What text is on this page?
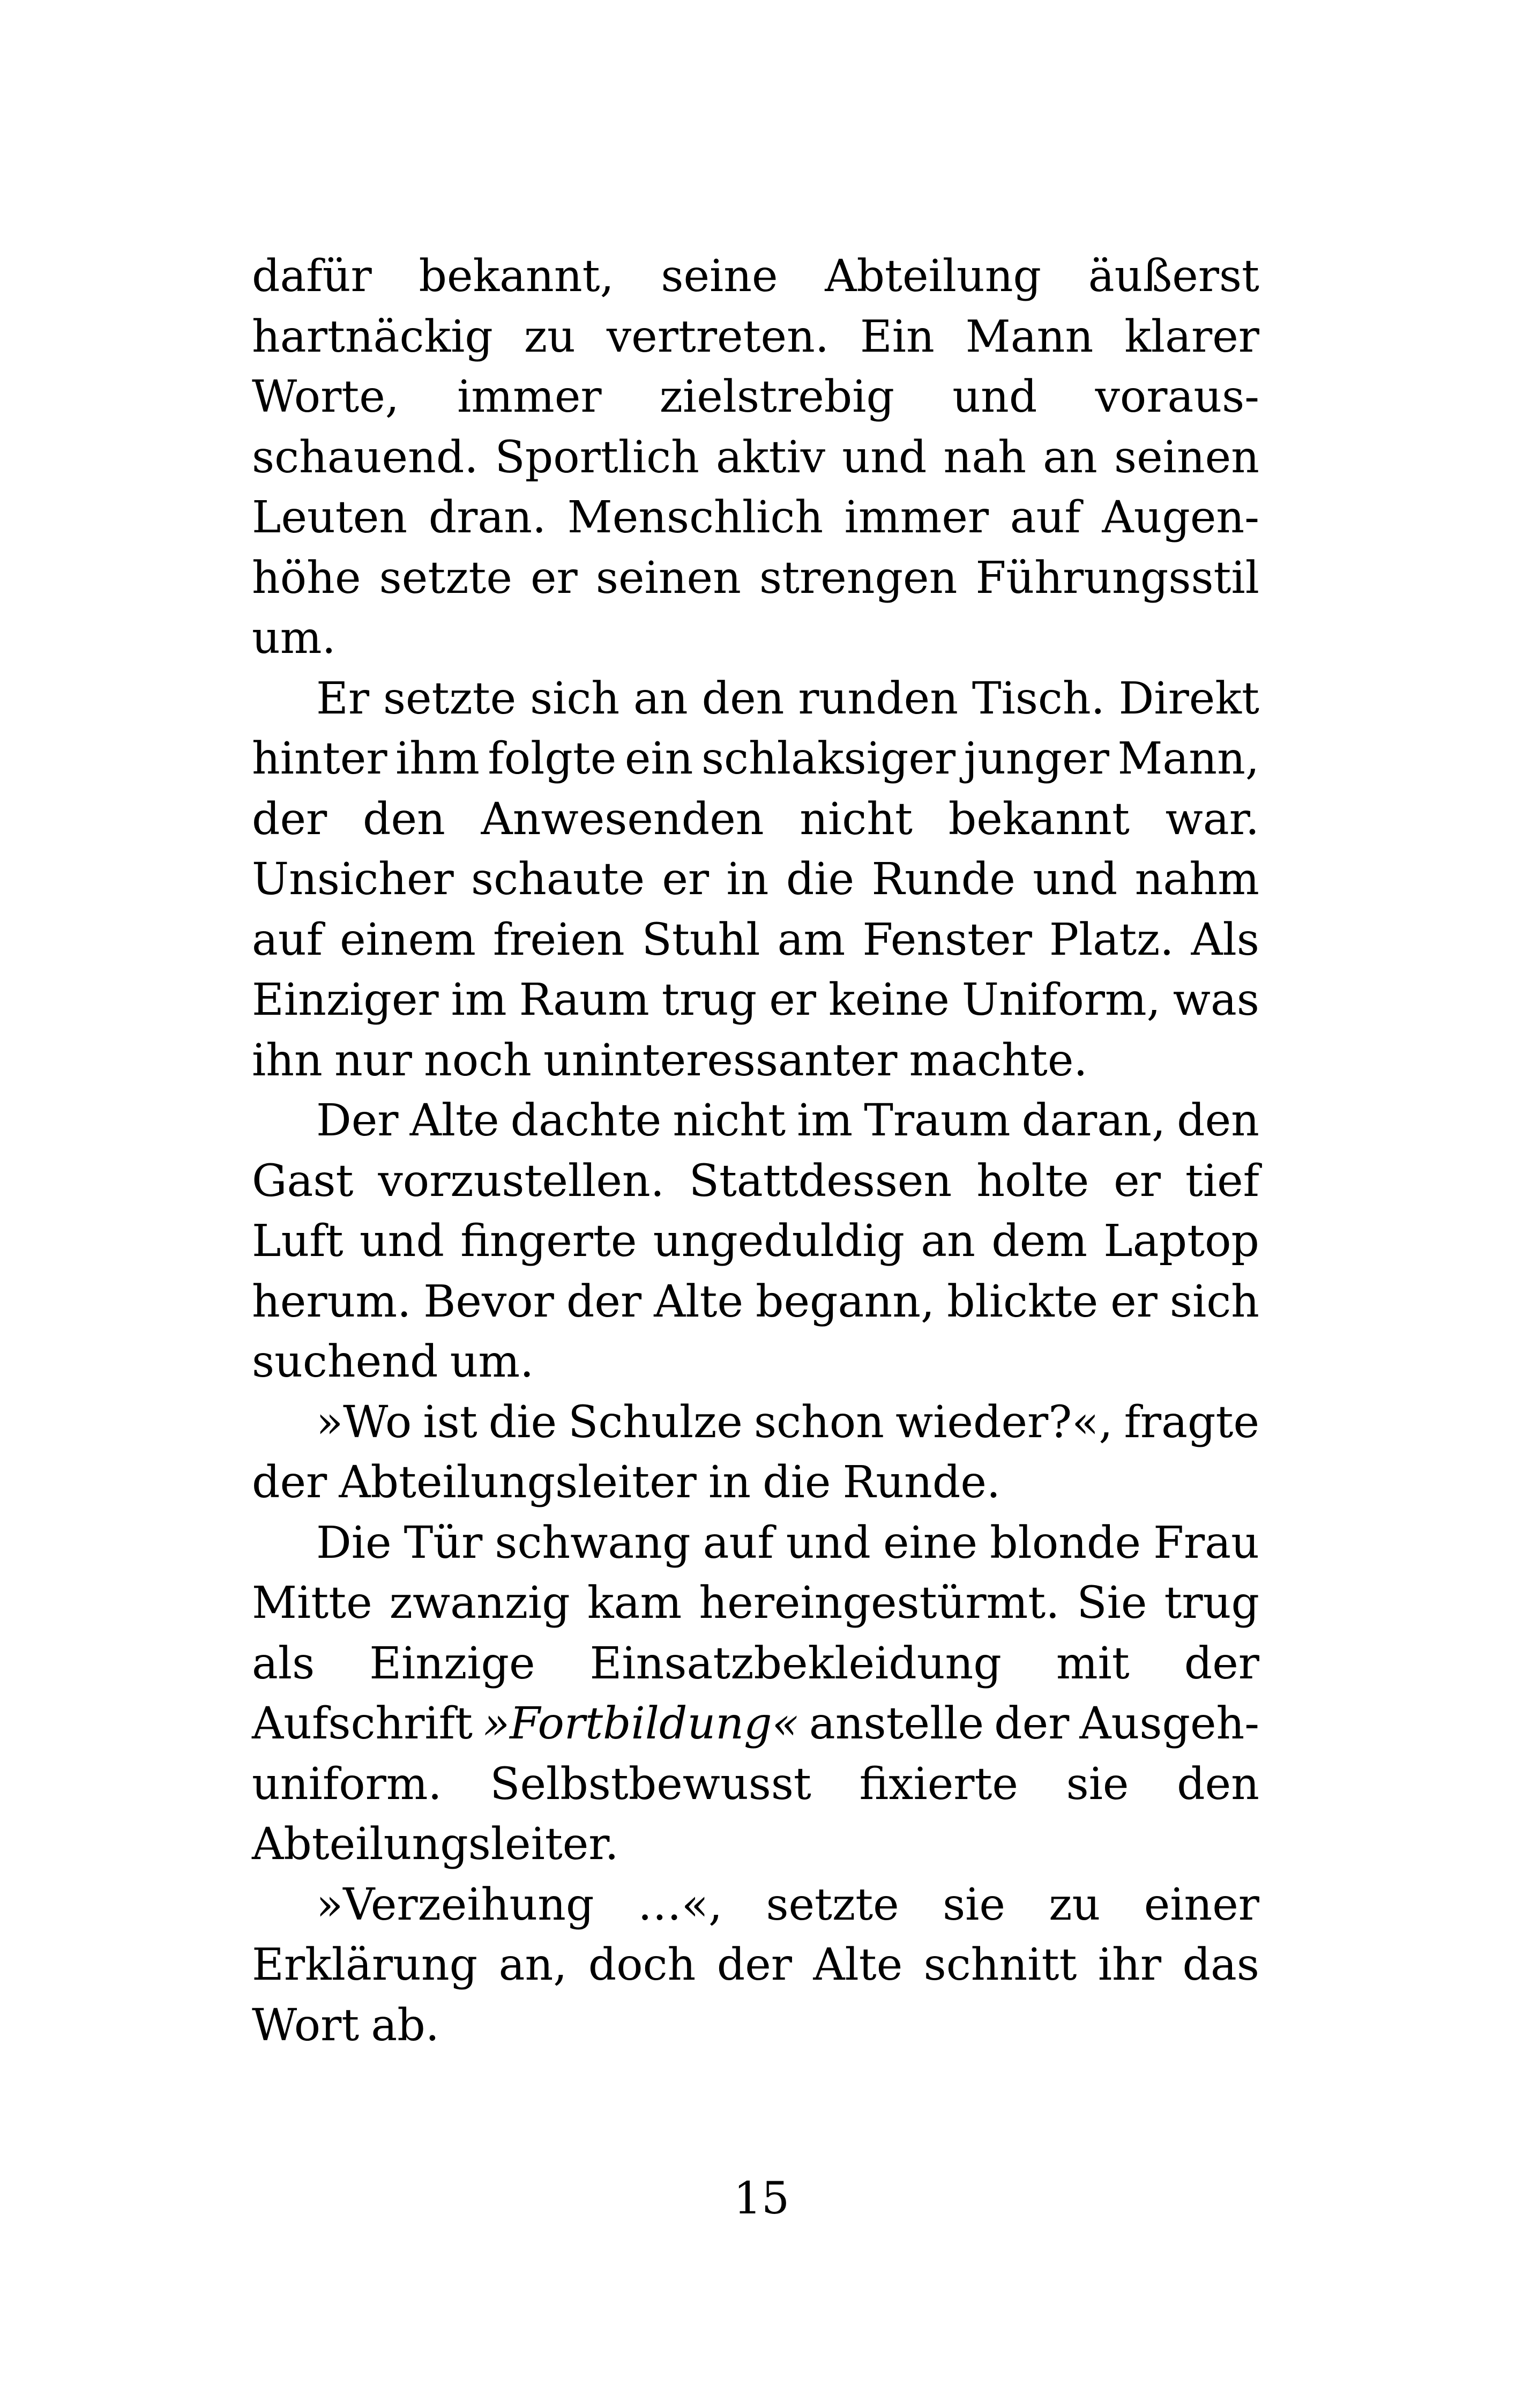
dafür bekannt, seine Abteilung äußerst
hartnäckig zu vertreten. Ein Mann klarer
Worte, immer zielstrebig und voraus-
schauend. Sportlich aktiv und nah an seinen
Leuten dran. Menschlich immer auf Augen-
höhe setzte er seinen strengen Führungsstil
um.
Er setzte sich an den runden Tisch. Direkt
hinter ihm folgte ein schlaksiger junger Mann,
der den Anwesenden nicht bekannt war.
Unsicher schaute er in die Runde und nahm
auf einem freien Stuhl am Fenster Platz. Als
Einziger im Raum trug er keine Uniform, was
ihn nur noch uninteressanter machte.
Der Alte dachte nicht im Traum daran, den
Gast vorzustellen. Stattdessen holte er tief
Luft und fingerte ungeduldig an dem Laptop
herum. Bevor der Alte begann, blickte er sich
suchend um.
»Wo ist die Schulze schon wieder?«, fragte
der Abteilungsleiter in die Runde.
Die Tür schwang auf und eine blonde Frau
Mitte zwanzig kam hereingestürmt. Sie trug
als Einzige Einsatzbekleidung mit der
Aufschrift »Fortbildung« anstelle der Ausgeh-
uniform. Selbstbewusst fixierte sie den
Abteilungsleiter.
»Verzeihung …«, setzte sie zu einer
Erklärung an, doch der Alte schnitt ihr das
Wort ab.
15
